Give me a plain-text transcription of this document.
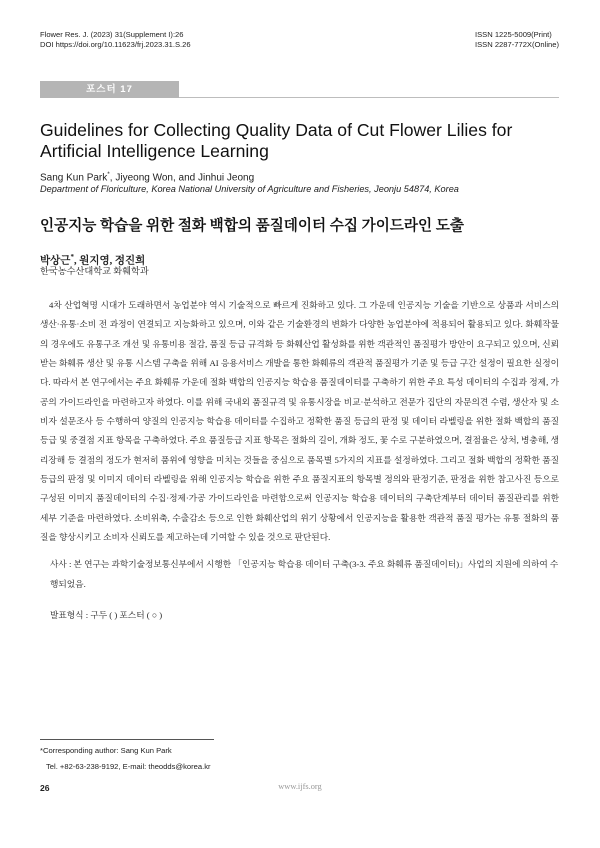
Flower Res. J. (2023) 31(Supplement I):26
DOI https://doi.org/10.11623/frj.2023.31.S.26
ISSN 1225-5009(Print)
ISSN 2287-772X(Online)
포스터 17
Guidelines for Collecting Quality Data of Cut Flower Lilies for Artificial Intelligence Learning
Sang Kun Park*, Jiyeong Won, and Jinhui Jeong
Department of Floriculture, Korea National University of Agriculture and Fisheries, Jeonju 54874, Korea
인공지능 학습을 위한 절화 백합의 품질데이터 수집 가이드라인 도출
박상근*, 원지영, 정진희
한국농수산대학교 화훼학과

4차 산업혁명 시대가 도래하면서 농업분야 역시 기술적으로 빠르게 진화하고 있다. 그 가운데 인공지능 기술을 기반으로 상품과 서비스의 생산·유통·소비 전 과정이 연결되고 지능화하고 있으며, 이와 같은 기술환경의 변화가 다양한 농업분야에 적용되어 활용되고 있다. 화훼작물의 경우에도 유통구조 개선 및 유통비용 절감, 품질 등급 규격화 등 화훼산업 활성화를 위한 객관적인 품질평가 방안이 요구되고 있으며, 신뢰받는 화훼류 생산 및 유통 시스템 구축을 위해 AI 응용서비스 개발을 통한 화훼류의 객관적 품질평가 기준 및 등급 구간 설정이 필요한 실정이다. 따라서 본 연구에서는 주요 화훼류 가운데 절화 백합의 인공지능 학습용 품질데이터를 구축하기 위한 주요 특성 데이터의 수집과 정제, 가공의 가이드라인을 마련하고자 하였다. 이를 위해 국내외 품질규격 및 유통시장을 비교·분석하고 전문가 집단의 자문의견 수렴, 생산자 및 소비자 설문조사 등 수행하여 양질의 인공지능 학습용 데이터를 수집하고 정확한 품질 등급의 판정 및 데이터 라벨링을 위한 절화 백합의 품질등급 및 중결점 지표 항목을 구축하였다. 주요 품질등급 지표 항목은 절화의 길이, 개화 정도, 꽃 수로 구분하였으며, 결점율은 상처, 병충해, 생리장해 등 결점의 정도가 현저히 품위에 영향을 미치는 것들을 중심으로 품목별 5가지의 지표를 설정하였다. 그리고 절화 백합의 정확한 품질 등급의 판정 및 이미지 데이터 라벨링을 위해 인공지능 학습을 위한 주요 품질지표의 항목별 정의와 판정기준, 판정을 위한 참고사진 등으로 구성된 이미지 품질데이터의 수집·정제·가공 가이드라인을 마련함으로써 인공지능 학습용 데이터의 구축단계부터 데이터 품질관리를 위한 세부 기준을 마련하였다. 소비위축, 수출감소 등으로 인한 화훼산업의 위기 상황에서 인공지능을 활용한 객관적 품질 평가는 유통 절화의 품질을 향상시키고 소비자 신뢰도를 제고하는데 기여할 수 있을 것으로 판단된다.

사사 : 본 연구는 과학기술정보통신부에서 시행한 「인공지능 학습용 데이터 구축(3-3. 주요 화훼류 품질데이터)」사업의 지원에 의하여 수행되었음.

발표형식 : 구두 ( ) 포스터 ( ○ )
*Corresponding author: Sang Kun Park
Tel. +82-63-238-9192, E-mail: theodds@korea.kr
26	www.ijfs.org
